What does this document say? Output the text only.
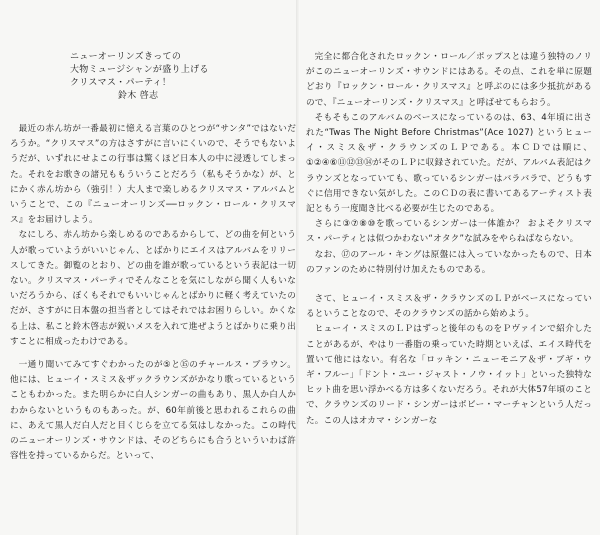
ニューオーリンズきっての
大物ミュージシャンが盛り上げる
クリスマス・パーティ！
鈴木 啓志

最近の赤ん坊が一番最初に憶える言葉のひとつが“サンタ”ではないだろうか。“クリスマス”の方はさすがに言いにくいので、そうでもないようだが、いずれにせよこの行事は驚くほど日本人の中に浸透してしまった。それをお歌きの諸兄ももういうことだろう（私もそうかな）が、とにかく赤ん坊から（強引！）大人まで楽しめるクリスマス・アルバムということで、この『ニューオーリンズ──ロックン・ロール・クリスマス』をお届けしよう。

なにしろ、赤ん坊から楽しめるのであるからして、どの曲を何という人が歌っていようがいいじゃん、とばかりにエイスはアルバムをリリースしてきた。御覧のとおり、どの曲を誰が歌っているという表記は一切ない。クリスマス・パーティでそんなことを気にしながら聞く人もいないだろうから、ぼくもそれでもいいじゃんとばかりに軽く考えていたのだが、さすがに日本盤の担当者としてはそれではお困りらしい。かくなる上は、私こと鈴木啓志が鋭いメスを入れて進ぜようとばかりに乗り出すことに相成ったわけである。

一通り聞いてみてすぐわかったのが⑤と⑮のチャールス・ブラウン。他には、ヒューイ・スミス＆ザックラウンズがかなり歌っているということもわかった。また明らかに白人シンガーの曲もあり、黒人か白人かわからないというものもあった。が、60年前後と思われるこれらの曲に、あえて黒人だ白人だと目くじらを立てる気はしなかった。この時代のニューオーリンズ・サウンドは、そのどちらにも合うといういわば許容性を持っているからだ。といって、

完全に都合化されたロックン・ロール／ポップスとは違う独特のノリがこのニューオーリンズ・サウンドにはある。その点、これを単に原題どおり『ロックン・ロール・クリスマス』と呼ぶのには多少抵抗があるので、『ニューオーリンズ・クリスマス』と呼ばせてもらおう。

そもそもこのアルバムのベースになっているのは、63、4年頃に出された“Twas The Night Before Christmas”(Ace 1027) というヒューイ・スミス＆ザ・クラウンズのＬＰである。本ＣＤでは順に、①②④⑥⑪⑫⑬⑭がそのＬＰに収録されていた。だが、アルバム表記はクラウンズとなっていても、歌っているシンガーはバラバラで、どうもすぐに信用できない気がした。このＣＤの表に書いてあるアーティスト表記ともう一度聞き比べる必要が生じたのである。

さらに③⑦⑧⑩を歌っているシンガーは一体誰か？ およそクリスマス・パーティとは似つかわない“オタク”な試みをやらねばならない。

なお、⑰のアール・キングは原盤には入っていなかったもので、日本のファンのために特別付け加えたものである。

さて、ヒューイ・スミス＆ザ・クラウンズのＬＰがベースになっているということなので、そのクラウンズの話から始めよう。

ヒューイ・スミスのＬＰはずっと後年のものをＰヴァインで紹介したことがあるが、やはり一番脂の乗っていた時期といえば、エイス時代を置いて他にはない。有名な「ロッキン・ニューモニア＆ザ・ブギ・ウギ・フルー」「ドント・ユー・ジャスト・ノウ・イット」といった独特なヒット曲を思い浮かべる方は多くないだろう。それが大体57年頃のことで、クラウンズのリード・シンガーはボビー・マーチャンという人だった。この人はオカマ・シンガーな
